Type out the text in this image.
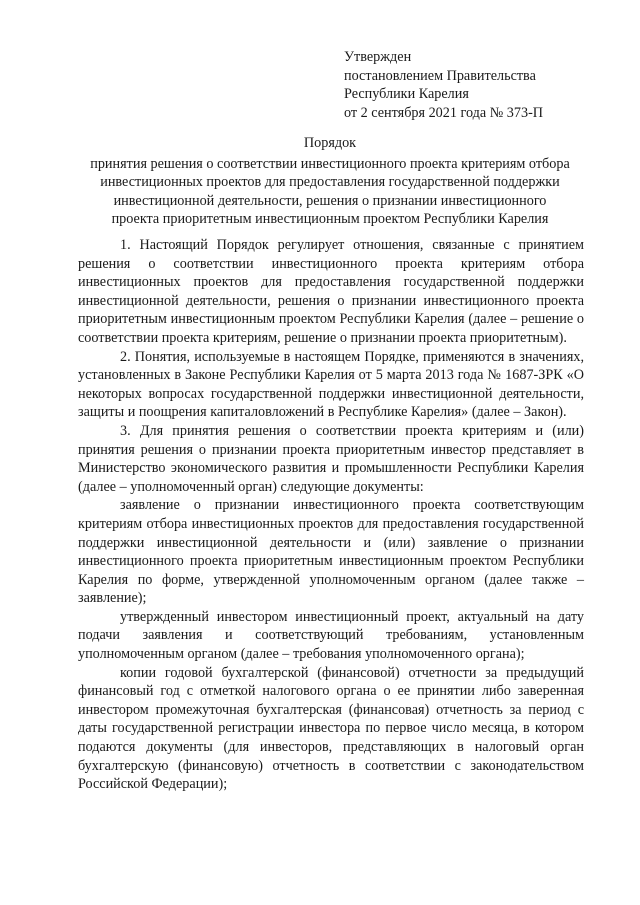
Утвержден
постановлением Правительства
Республики Карелия
от 2 сентября 2021 года № 373-П
Порядок
принятия решения о соответствии инвестиционного проекта критериям отбора
инвестиционных проектов для предоставления государственной поддержки
инвестиционной деятельности, решения о признании инвестиционного
проекта приоритетным инвестиционным проектом Республики Карелия

1. Настоящий Порядок регулирует отношения, связанные с принятием решения о соответствии инвестиционного проекта критериям отбора инвестиционных проектов для предоставления государственной поддержки инвестиционной деятельности, решения о признании инвестиционного проекта приоритетным инвестиционным проектом Республики Карелия (далее – решение о соответствии проекта критериям, решение о признании проекта приоритетным).

2. Понятия, используемые в настоящем Порядке, применяются в значениях, установленных в Законе Республики Карелия от 5 марта 2013 года № 1687-ЗРК «О некоторых вопросах государственной поддержки инвестиционной деятельности, защиты и поощрения капиталовложений в Республике Карелия» (далее – Закон).

3. Для принятия решения о соответствии проекта критериям и (или) принятия решения о признании проекта приоритетным инвестор представляет в Министерство экономического развития и промышленности Республики Карелия (далее – уполномоченный орган) следующие документы:

заявление о признании инвестиционного проекта соответствующим критериям отбора инвестиционных проектов для предоставления государственной поддержки инвестиционной деятельности и (или) заявление о признании инвестиционного проекта приоритетным инвестиционным проектом Республики Карелия по форме, утвержденной уполномоченным органом (далее также – заявление);

утвержденный инвестором инвестиционный проект, актуальный на дату подачи заявления и соответствующий требованиям, установленным уполномоченным органом (далее – требования уполномоченного органа);

копии годовой бухгалтерской (финансовой) отчетности за предыдущий финансовый год с отметкой налогового органа о ее принятии либо заверенная инвестором промежуточная бухгалтерская (финансовая) отчетность за период с даты государственной регистрации инвестора по первое число месяца, в котором подаются документы (для инвесторов, представляющих в налоговый орган бухгалтерскую (финансовую) отчетность в соответствии с законодательством Российской Федерации);
